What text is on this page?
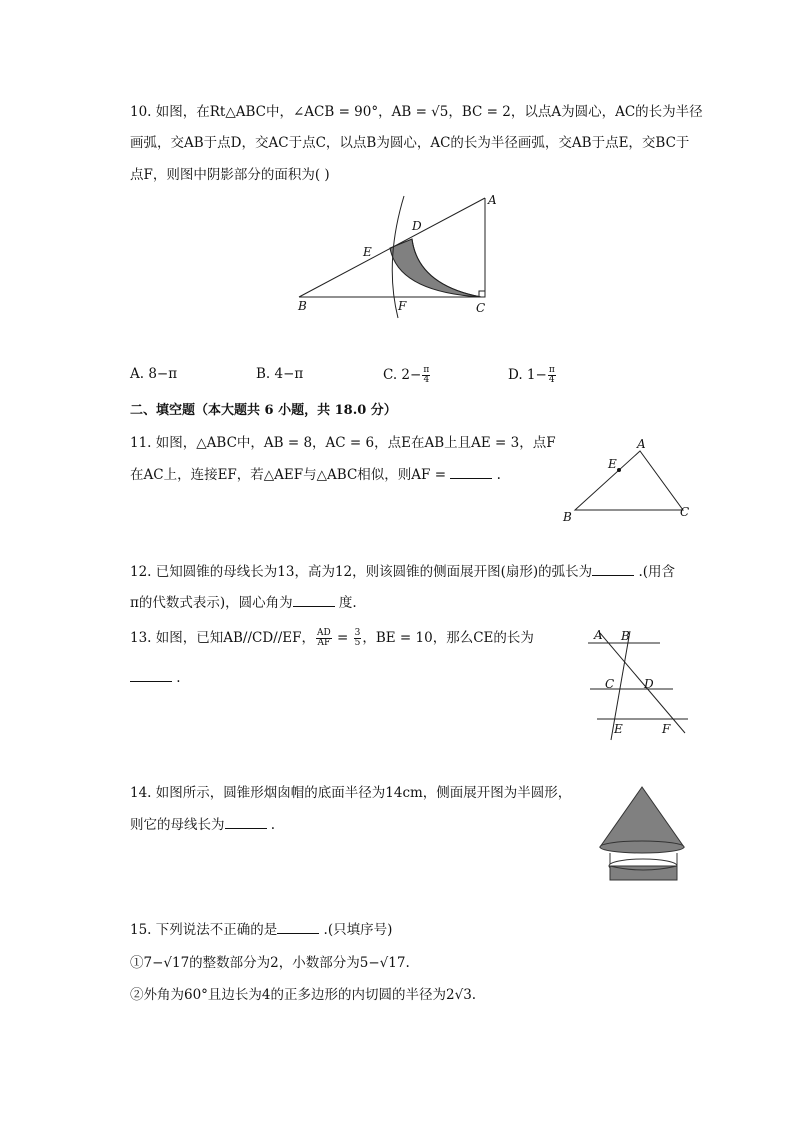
10. 如图，在Rt△ABC中，∠ACB = 90°，AB = √5，BC = 2，以点A为圆心，AC的长为半径
画弧，交AB于点D，交AC于点C，以点B为圆心，AC的长为半径画弧，交AB于点E，交BC于
点F，则图中阴影部分的面积为( )
A
B	C
D
E
F
A. 8−π	B. 4−π	C. $2- \frac{\pi}{4}$	D. $1- \frac{\pi}{4}$
二、填空题（本大题共 6 小题，共 18.0 分）
11. 如图，△ABC中，AB = 8，AC = 6，点E在AB上且AE = 3，点F
在AC上，连接EF，若△AEF与△ABC相似，则AF =	.
A
B	C
E
12. 已知圆锥的母线长为13，高为12，则该圆锥的侧面展开图(扇形)的弧长为	.(用含
π的代数式表示)，圆心角为	度.
13. 如图，已知AB//CD//EF， $\frac{AD}{AF} = \frac{3}{5}$ ，BE = 10，那么CE的长为
.
A B
C D
E	F
14. 如图所示，圆锥形烟囱帽的底面半径为14cm，侧面展开图为半圆形，
则它的母线长为	.
15. 下列说法不正确的是	.(只填序号)
①7−√17的整数部分为2，小数部分为5−√17.
②外角为60°且边长为4的正多边形的内切圆的半径为2√3.
